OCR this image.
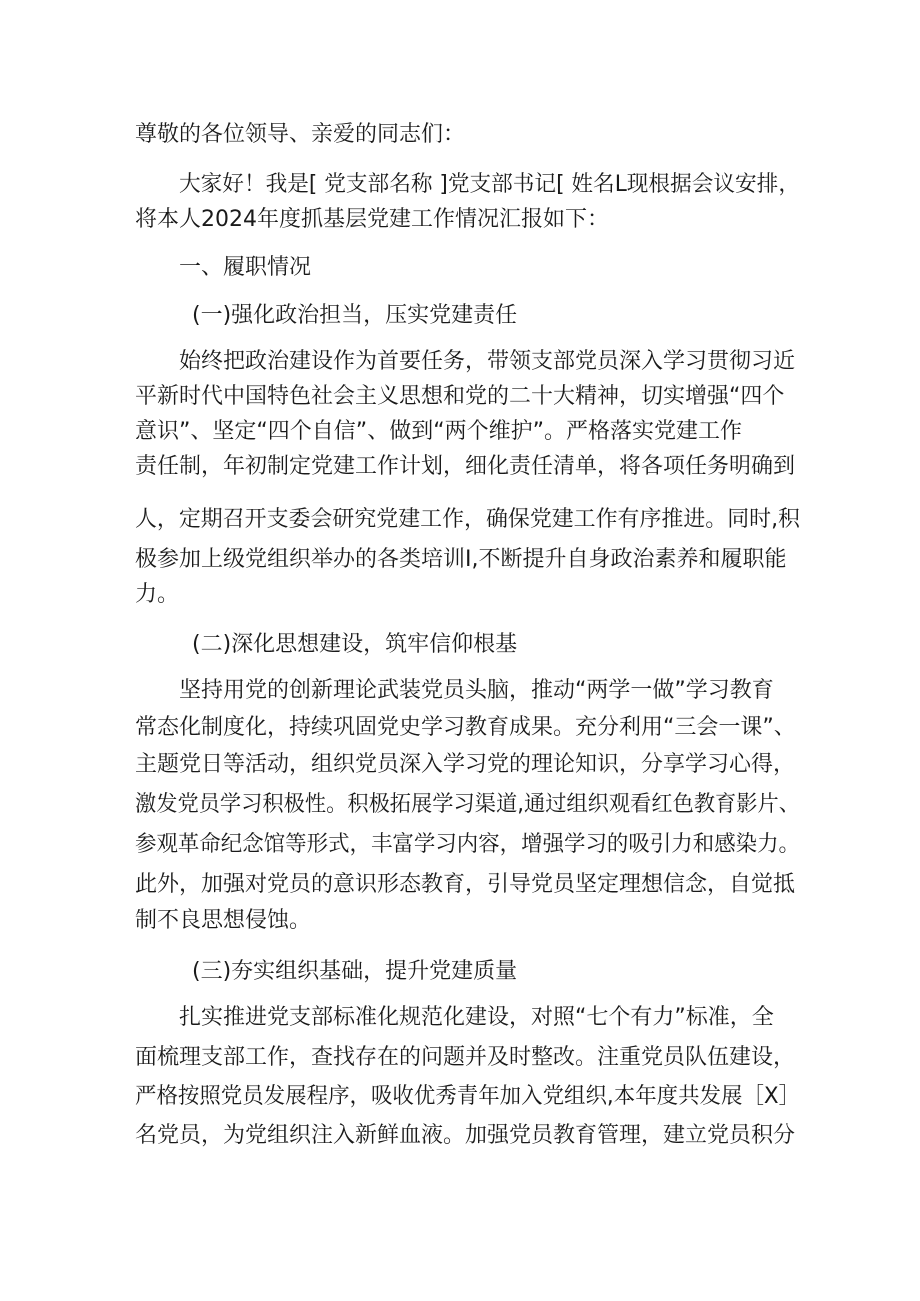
尊敬的各位领导、亲爱的同志们：
大家好！我是[ 党支部名称 ]党支部书记[ 姓名L现根据会议安排，
将本人2024年度抓基层党建工作情况汇报如下：
一、履职情况
(一)强化政治担当，压实党建责任
始终把政治建设作为首要任务，带领支部党员深入学习贯彻习近
平新时代中国特色社会主义思想和党的二十大精神，切实增强“四个
意识”、坚定“四个自信”、做到“两个维护”。严格落实党建工作
责任制，年初制定党建工作计划，细化责任清单，将各项任务明确到
人，定期召开支委会研究党建工作，确保党建工作有序推进。同时,积
极参加上级党组织举办的各类培训I,不断提升自身政治素养和履职能
力。
(二)深化思想建设，筑牢信仰根基
坚持用党的创新理论武装党员头脑，推动“两学一做”学习教育
常态化制度化，持续巩固党史学习教育成果。充分利用“三会一课”、
主题党日等活动，组织党员深入学习党的理论知识，分享学习心得，
激发党员学习积极性。积极拓展学习渠道,通过组织观看红色教育影片、
参观革命纪念馆等形式，丰富学习内容，增强学习的吸引力和感染力。
此外，加强对党员的意识形态教育，引导党员坚定理想信念，自觉抵
制不良思想侵蚀。
(三)夯实组织基础，提升党建质量
扎实推进党支部标准化规范化建设，对照“七个有力”标准，全
面梳理支部工作，查找存在的问题并及时整改。注重党员队伍建设，
严格按照党员发展程序，吸收优秀青年加入党组织,本年度共发展［X］
名党员，为党组织注入新鲜血液。加强党员教育管理，建立党员积分
